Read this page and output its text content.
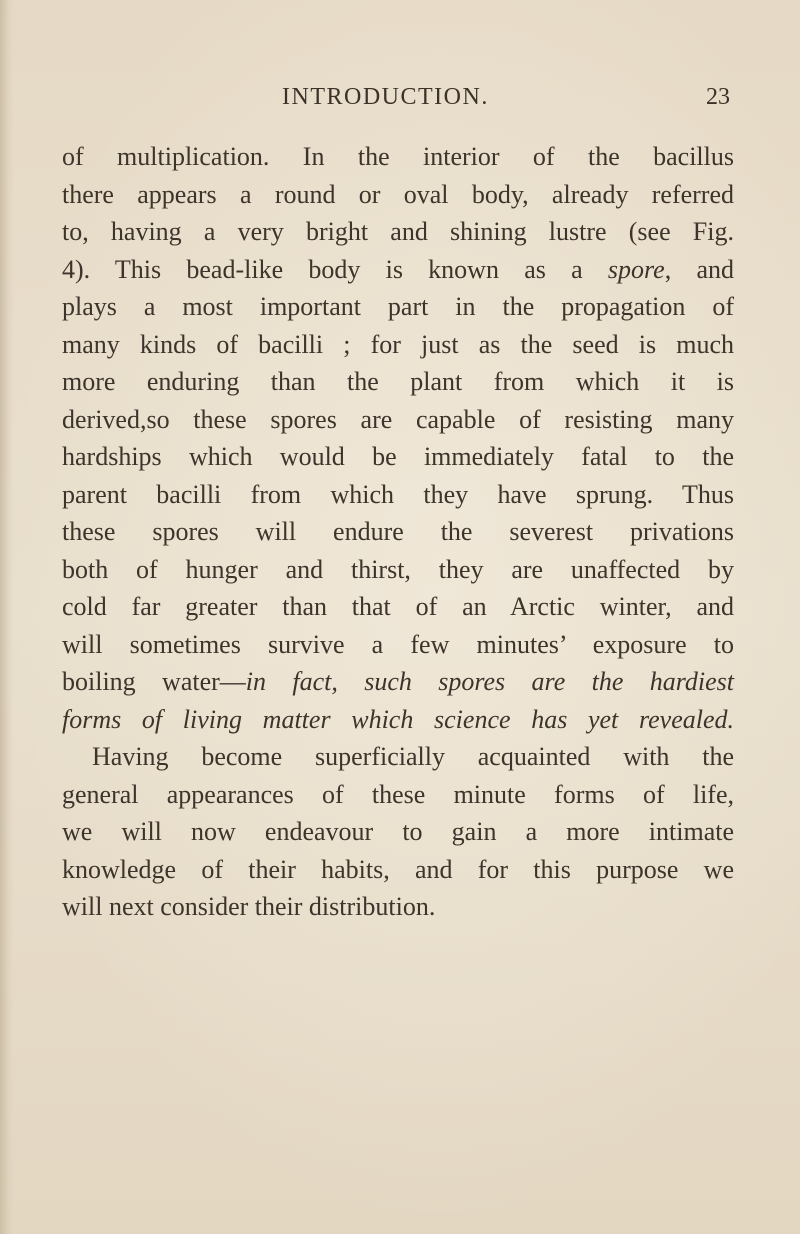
INTRODUCTION.	23
of multiplication. In the interior of the bacillus
there appears a round or oval body, already referred
to, having a very bright and shining lustre (see Fig.
4). This bead-like body is known as a spore, and
plays a most important part in the propagation of
many kinds of bacilli ; for just as the seed is much
more enduring than the plant from which it is
derived,so these spores are capable of resisting many
hardships which would be immediately fatal to the
parent bacilli from which they have sprung. Thus
these spores will endure the severest privations
both of hunger and thirst, they are unaffected by
cold far greater than that of an Arctic winter, and
will sometimes survive a few minutes’ exposure to
boiling water—in fact, such spores are the hardiest
forms of living matter which science has yet revealed.
Having become superficially acquainted with the
general appearances of these minute forms of life,
we will now endeavour to gain a more intimate
knowledge of their habits, and for this purpose we
will next consider their distribution.
